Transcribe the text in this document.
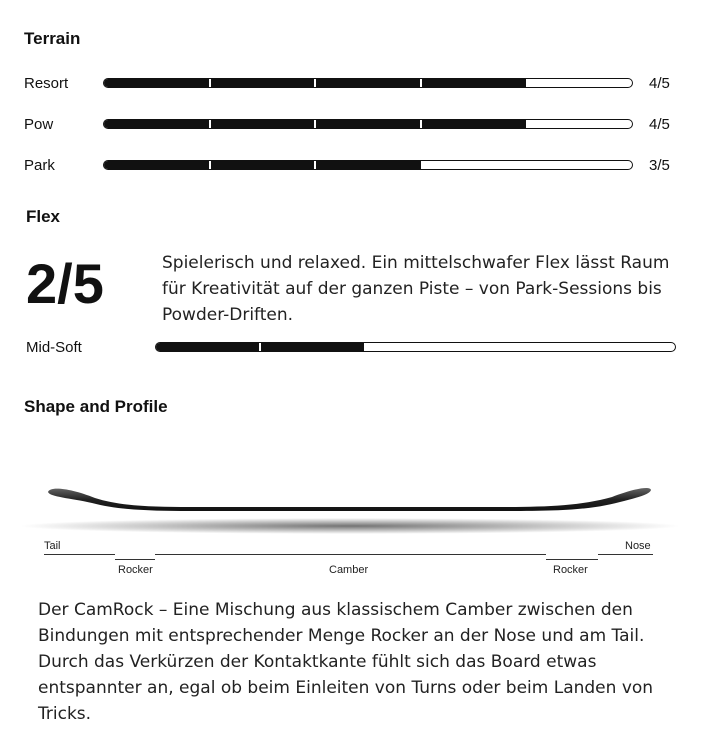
Terrain
Resort	4/5
Pow	4/5
Park	3/5
Flex
2/5	Spielerisch und relaxed. Ein mittelschwafer Flex lässt Raum für Kreativität auf der ganzen Piste – von Park-Sessions bis Powder-Driften.
Mid-Soft
Shape and Profile
Tail	Nose
Rocker	Camber	Rocker
Der CamRock – Eine Mischung aus klassischem Camber zwischen den Bindungen mit entsprechender Menge Rocker an der Nose und am Tail. Durch das Verkürzen der Kontaktkante fühlt sich das Board etwas entspannter an, egal ob beim Einleiten von Turns oder beim Landen von Tricks.
